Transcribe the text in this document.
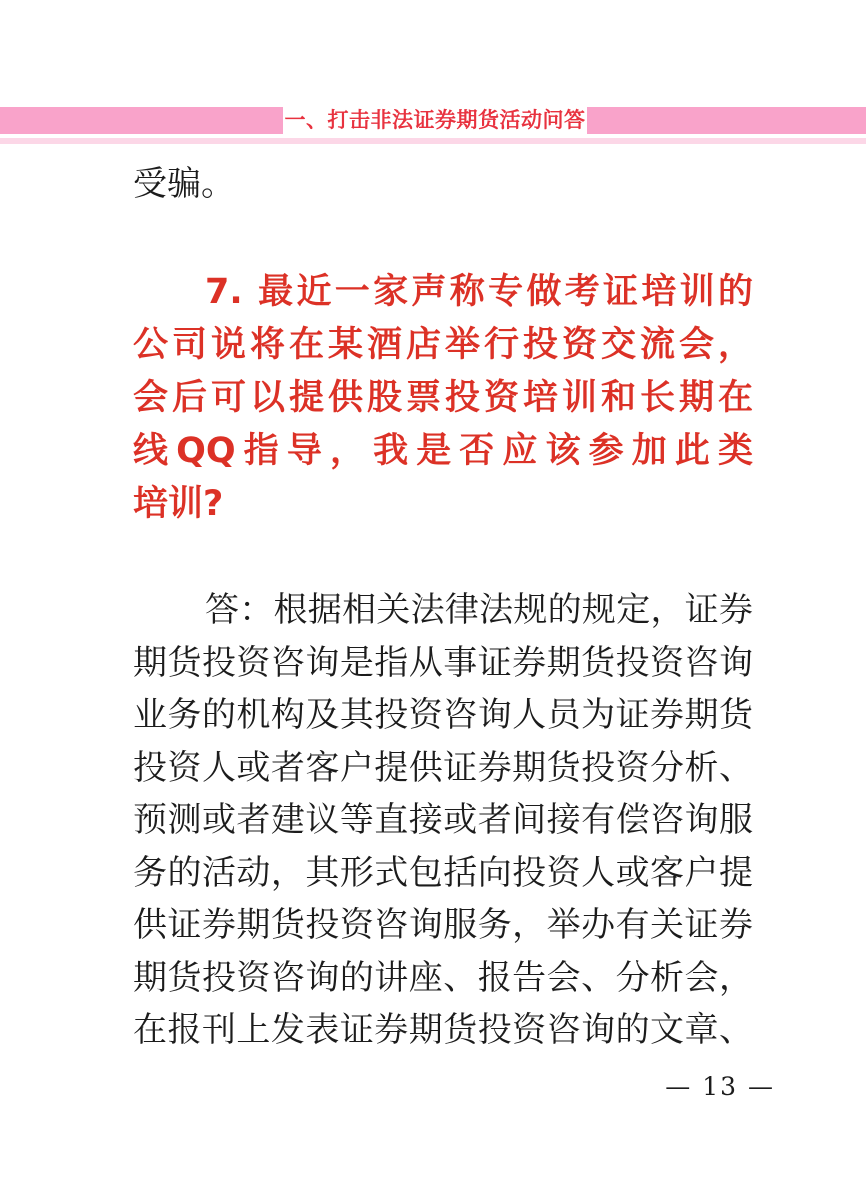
一、打击非法证券期货活动问答
受骗。
7. 最近一家声称专做考证培训的
公司说将在某酒店举行投资交流会，
会后可以提供股票投资培训和长期在
线QQ指导，我是否应该参加此类
培训?
答：根据相关法律法规的规定，证券
期货投资咨询是指从事证券期货投资咨询
业务的机构及其投资咨询人员为证券期货
投资人或者客户提供证券期货投资分析、
预测或者建议等直接或者间接有偿咨询服
务的活动，其形式包括向投资人或客户提
供证券期货投资咨询服务，举办有关证券
期货投资咨询的讲座、报告会、分析会，
在报刊上发表证券期货投资咨询的文章、
— 13 —
